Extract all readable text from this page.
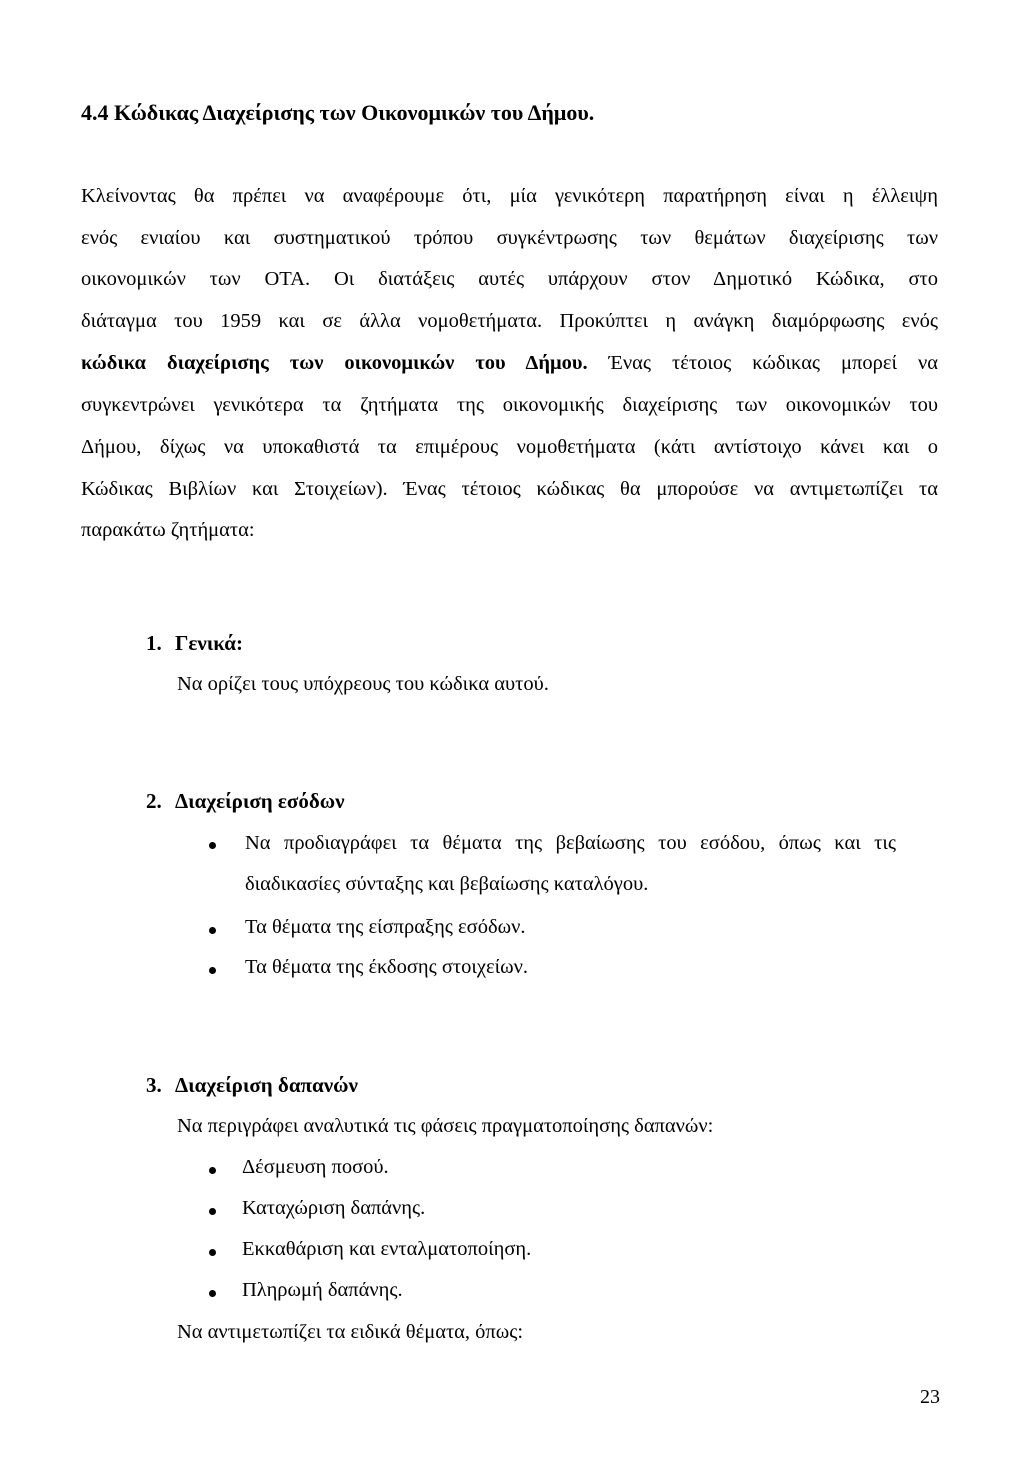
4.4 Κώδικας Διαχείρισης των Οικονομικών του Δήμου.
Κλείνοντας θα πρέπει να αναφέρουμε ότι, μία γενικότερη παρατήρηση είναι η έλλειψη
ενός ενιαίου και συστηματικού τρόπου συγκέντρωσης των θεμάτων διαχείρισης των
οικονομικών των ΟΤΑ. Οι διατάξεις αυτές υπάρχουν στον Δημοτικό Κώδικα, στο
διάταγμα του 1959 και σε άλλα νομοθετήματα. Προκύπτει η ανάγκη διαμόρφωσης ενός
κώδικα διαχείρισης των οικονομικών του Δήμου. Ένας τέτοιος κώδικας μπορεί να
συγκεντρώνει γενικότερα τα ζητήματα της οικονομικής διαχείρισης των οικονομικών του
Δήμου, δίχως να υποκαθιστά τα επιμέρους νομοθετήματα (κάτι αντίστοιχο κάνει και ο
Κώδικας Βιβλίων και Στοιχείων). Ένας τέτοιος κώδικας θα μπορούσε να αντιμετωπίζει τα
παρακάτω ζητήματα:
1. Γενικά:
Να ορίζει τους υπόχρεους του κώδικα αυτού.
2. Διαχείριση εσόδων
Να προδιαγράφει τα θέματα της βεβαίωσης του εσόδου, όπως και τις
διαδικασίες σύνταξης και βεβαίωσης καταλόγου.
Τα θέματα της είσπραξης εσόδων.
Τα θέματα της έκδοσης στοιχείων.
3. Διαχείριση δαπανών
Να περιγράφει αναλυτικά τις φάσεις πραγματοποίησης δαπανών:
Δέσμευση ποσού.
Καταχώριση δαπάνης.
Εκκαθάριση και ενταλματοποίηση.
Πληρωμή δαπάνης.
Να αντιμετωπίζει τα ειδικά θέματα, όπως:
23
